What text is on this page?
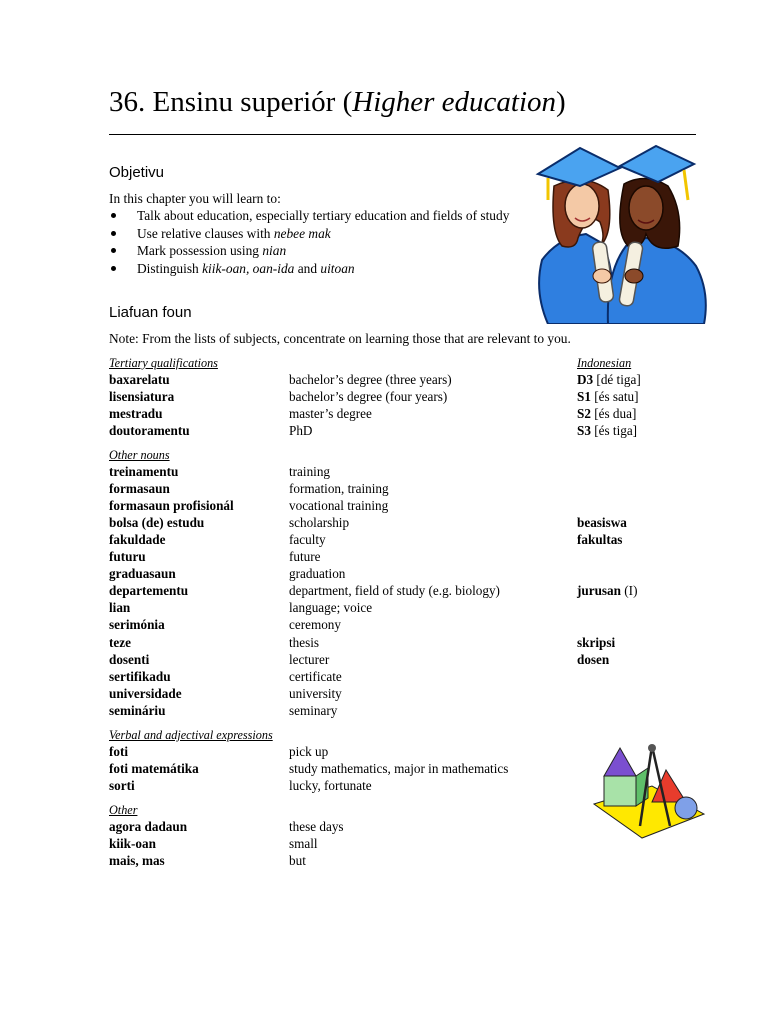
36. Ensinu superiór (Higher education)
Objetivu
In this chapter you will learn to:
Talk about education, especially tertiary education and fields of study
Use relative clauses with nebee mak
Mark possession using nian
Distinguish kiik-oan, oan-ida and uitoan
Liafuan foun
Note: From the lists of subjects, concentrate on learning those that are relevant to you.
Tertiary qualifications	Indonesian
baxarelatu	bachelor’s degree (three years)	D3 [dé tiga]
lisensiatura	bachelor’s degree (four years)	S1 [és satu]
mestradu	master’s degree	S2 [és dua]
doutoramentu	PhD	S3 [és tiga]
Other nouns
treinamentu	training
formasaun	formation, training
formasaun profisionál	vocational training
bolsa (de) estudu	scholarship	beasiswa
fakuldade	faculty	fakultas
futuru	future
graduasaun	graduation
departementu	department, field of study (e.g. biology)	jurusan (I)
lian	language; voice
serimónia	ceremony
teze	thesis	skripsi
dosenti	lecturer	dosen
sertifikadu	certificate
universidade	university
semináriu	seminary
Verbal and adjectival expressions
foti	pick up
foti matemátika	study mathematics, major in mathematics
sorti	lucky, fortunate
Other
agora dadaun	these days
kiik-oan	small
mais, mas	but
